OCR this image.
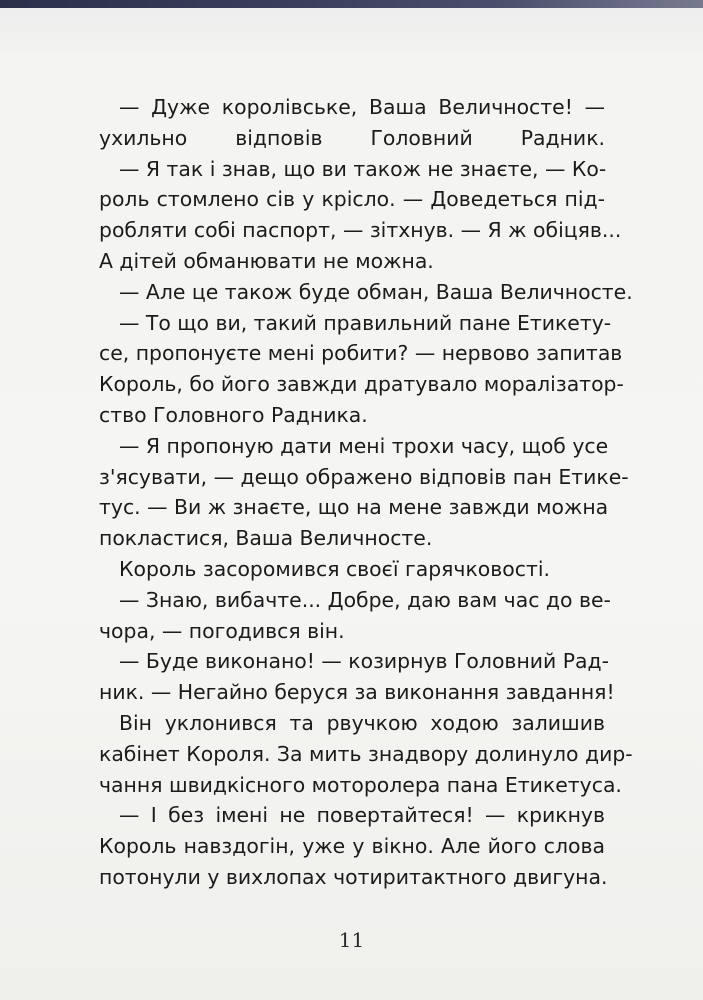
— Дуже королівське, Ваша Величносте! —
ухильно відповів Головний Радник.
— Я так і знав, що ви також не знаєте, — Ко-
роль стомлено сів у крісло. — Доведеться під-
робляти собі паспорт, — зітхнув. — Я ж обіцяв...
А дітей обманювати не можна.
— Але це також буде обман, Ваша Величносте.
— То що ви, такий правильний пане Етикету-
се, пропонуєте мені робити? — нервово запитав
Король, бо його завжди дратувало моралізатор-
ство Головного Радника.
— Я пропоную дати мені трохи часу, щоб усе
з'ясувати, — дещо ображено відповів пан Етике-
тус. — Ви ж знаєте, що на мене завжди можна
покластися, Ваша Величносте.
Король засоромився своєї гарячковості.
— Знаю, вибачте... Добре, даю вам час до ве-
чора, — погодився він.
— Буде виконано! — козирнув Головний Рад-
ник. — Негайно беруся за виконання завдання!
Він уклонився та рвучкою ходою залишив
кабінет Короля. За мить знадвору долинуло дир-
чання швидкісного моторолера пана Етикетуса.
— І без імені не повертайтеся! — крикнув
Король навздогін, уже у вікно. Але його слова
потонули у вихлопах чотиритактного двигуна.
11
